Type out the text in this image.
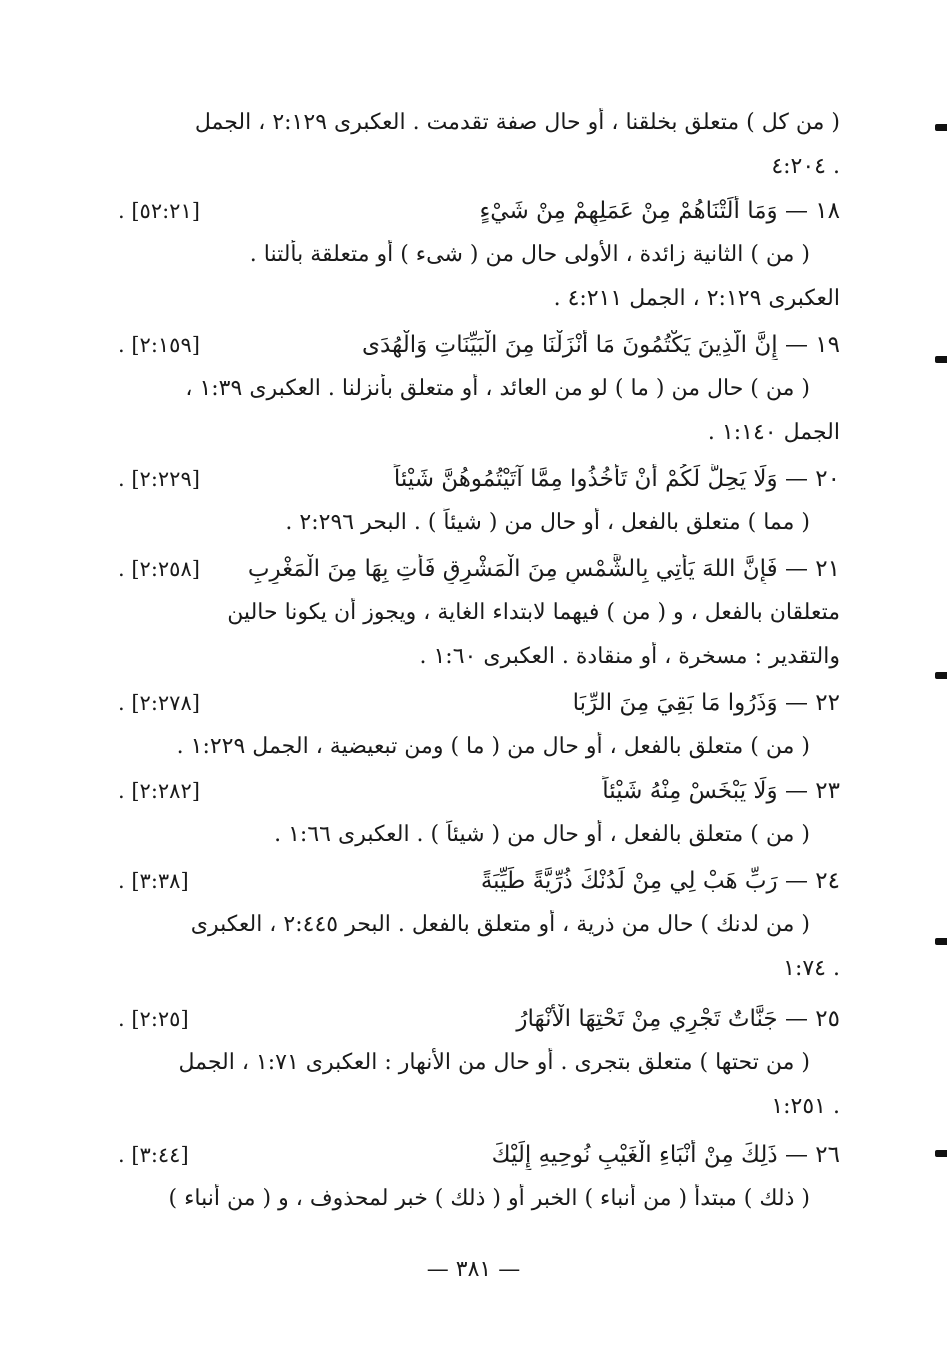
( من كل ) متعلق بخلقنا ، أو حال صفة تقدمت . العكبرى ٢:١٢٩ ، الجمل
. ٤:٢٠٤
١٨ — وَمَا أَلَتْنَاهُمْ مِنْ عَمَلِهِمْ مِنْ شَيْءٍ
[٥٢:٢١] .
( من ) الثانية زائدة ، الأولى حال من ( شىء ) أو متعلقة بألتنا .
العكبرى ٢:١٢٩ ، الجمل ٤:٢١١ .
١٩ — إِنَّ الَّذِينَ يَكْتُمُونَ مَا أَنْزَلْنَا مِنَ الْبَيِّنَاتِ وَالْهُدَى
[٢:١٥٩] .
( من ) حال من ( ما ) لو من العائد ، أو متعلق بأنزلنا . العكبرى ١:٣٩ ،
الجمل ١:١٤٠ .
٢٠ — وَلَا يَحِلُّ لَكُمْ أَنْ تَأْخُذُوا مِمَّا آتَيْتُمُوهُنَّ شَيْئاً
[٢:٢٢٩] .
( مما ) متعلق بالفعل ، أو حال من ( شيئاً ) . البحر ٢:٢٩٦ .
٢١ — فَإِنَّ اللهَ يَأْتِي بِالشَّمْسِ مِنَ الْمَشْرِقِ فَأْتِ بِهَا مِنَ الْمَغْرِبِ
[٢:٢٥٨] .
متعلقان بالفعل ، و ( من ) فيهما لابتداء الغاية ، ويجوز أن يكونا حالين
والتقدير : مسخرة ، أو منقادة . العكبرى ١:٦٠ .
٢٢ — وَذَرُوا مَا بَقِيَ مِنَ الرِّبَا
[٢:٢٧٨] .
( من ) متعلق بالفعل ، أو حال من ( ما ) ومن تبعيضية ، الجمل ١:٢٢٩ .
٢٣ — وَلَا يَبْخَسْ مِنْهُ شَيْئاً
[٢:٢٨٢] .
( من ) متعلق بالفعل ، أو حال من ( شيئاً ) . العكبرى ١:٦٦ .
٢٤ — رَبِّ هَبْ لِي مِنْ لَدُنْكَ ذُرِّيَّةً طَيِّبَةً
[٣:٣٨] .
( من لدنك ) حال من ذرية ، أو متعلق بالفعل . البحر ٢:٤٤٥ ، العكبرى
. ١:٧٤
٢٥ — جَنَّاتٌ تَجْرِي مِنْ تَحْتِهَا الْأَنْهَارُ
[٢:٢٥] .
( من تحتها ) متعلق بتجرى . أو حال من الأنهار : العكبرى ١:٧١ ، الجمل
. ١:٢٥١
٢٦ — ذَلِكَ مِنْ أَنْبَاءِ الْغَيْبِ نُوحِيهِ إِلَيْكَ
[٣:٤٤] .
( ذلك ) مبتدأ ( من أنباء ) الخبر أو ( ذلك ) خبر لمحذوف ، و ( من أنباء )
— ٣٨١ —
